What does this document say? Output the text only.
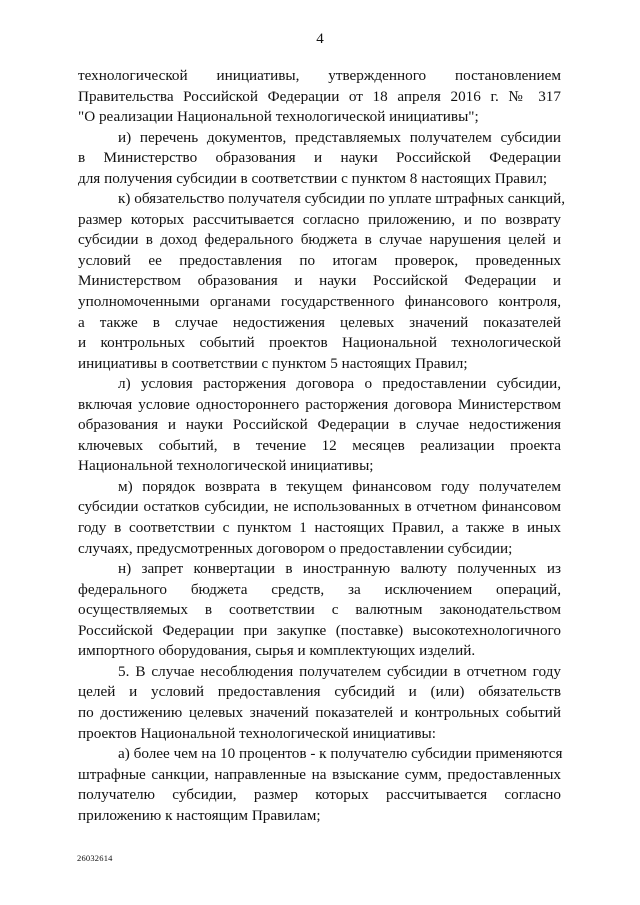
4
технологической инициативы, утвержденного постановлением
Правительства Российской Федерации от 18 апреля 2016 г. № 317
"О реализации Национальной технологической инициативы";
и) перечень документов, представляемых получателем субсидии
в Министерство образования и науки Российской Федерации
для получения субсидии в соответствии с пунктом 8 настоящих Правил;
к) обязательство получателя субсидии по уплате штрафных санкций,
размер которых рассчитывается согласно приложению, и по возврату
субсидии в доход федерального бюджета в случае нарушения целей и
условий ее предоставления по итогам проверок, проведенных
Министерством образования и науки Российской Федерации и
уполномоченными органами государственного финансового контроля,
а также в случае недостижения целевых значений показателей
и контрольных событий проектов Национальной технологической
инициативы в соответствии с пунктом 5 настоящих Правил;
л) условия расторжения договора о предоставлении субсидии,
включая условие одностороннего расторжения договора Министерством
образования и науки Российской Федерации в случае недостижения
ключевых событий, в течение 12 месяцев реализации проекта
Национальной технологической инициативы;
м) порядок возврата в текущем финансовом году получателем
субсидии остатков субсидии, не использованных в отчетном финансовом
году в соответствии с пунктом 1 настоящих Правил, а также в иных
случаях, предусмотренных договором о предоставлении субсидии;
н) запрет конвертации в иностранную валюту полученных из
федерального бюджета средств, за исключением операций,
осуществляемых в соответствии с валютным законодательством
Российской Федерации при закупке (поставке) высокотехнологичного
импортного оборудования, сырья и комплектующих изделий.
5. В случае несоблюдения получателем субсидии в отчетном году
целей и условий предоставления субсидий и (или) обязательств
по достижению целевых значений показателей и контрольных событий
проектов Национальной технологической инициативы:
а) более чем на 10 процентов - к получателю субсидии применяются
штрафные санкции, направленные на взыскание сумм, предоставленных
получателю субсидии, размер которых рассчитывается согласно
приложению к настоящим Правилам;
26032614
